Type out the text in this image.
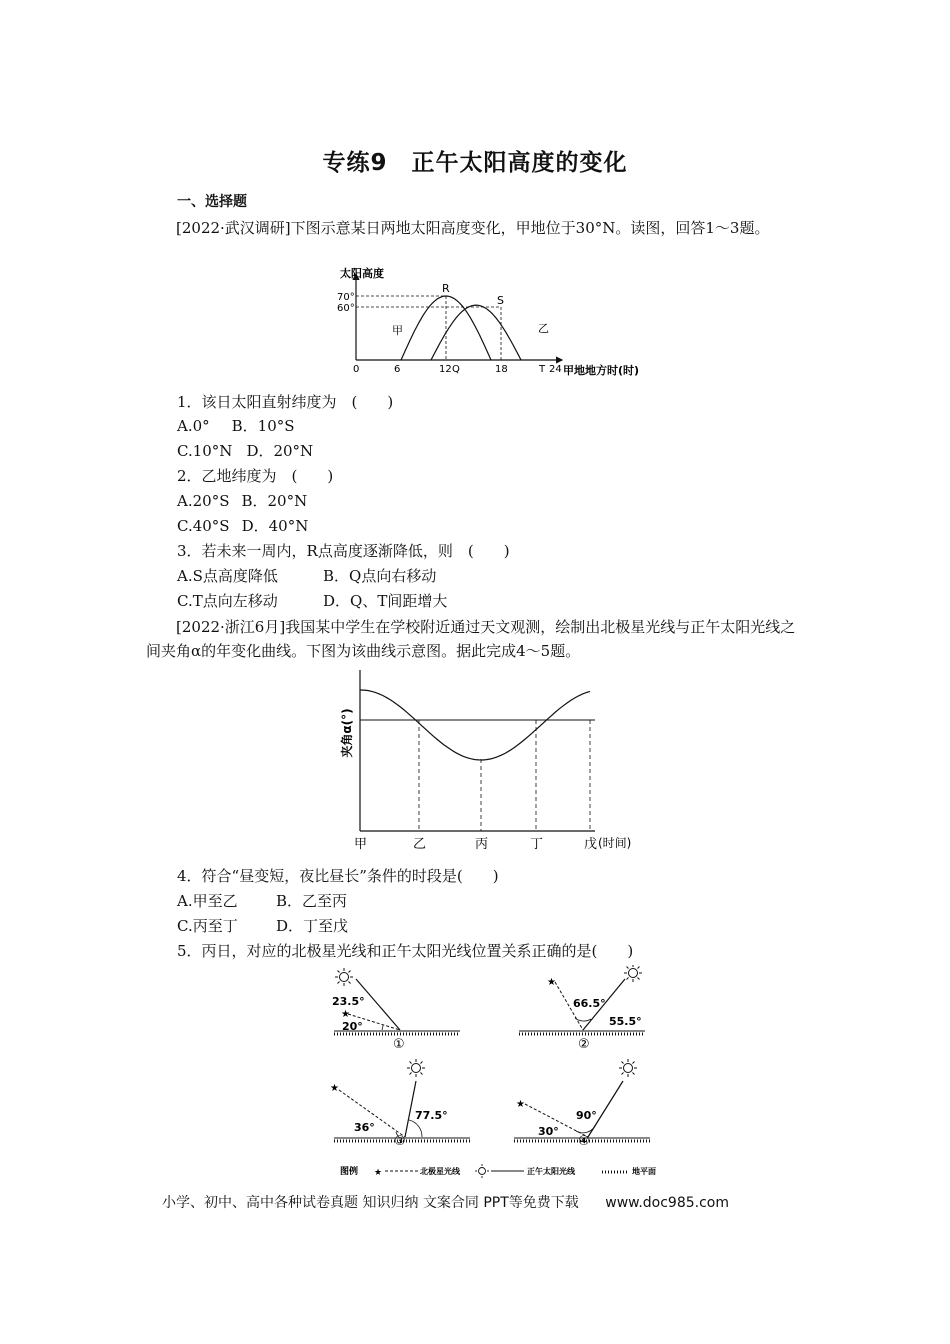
专练9　正午太阳高度的变化
一、选择题
[2022·武汉调研]下图示意某日两地太阳高度变化，甲地位于30°N。读图，回答1～3题。
太阳高度
70°
60°
R
S
甲	乙
0	6	12 Q	18	T 24 甲地地方时(时)
1．该日太阳直射纬度为　(　　)
A.0° B．10°S
C.10°N D．20°N
2．乙地纬度为　(　　)
A.20°S B．20°N
C.40°S D．40°N
3．若未来一周内，R点高度逐渐降低，则　(　　)
A.S点高度降低	B．Q点向右移动
C.T点向左移动	D．Q、T间距增大
[2022·浙江6月]我国某中学生在学校附近通过天文观测，绘制出北极星光线与正午太阳光线之间夹角α的年变化曲线。下图为该曲线示意图。据此完成4～5题。
夹角α(°)
甲	乙	丙	丁	戊 (时间)
4．符合“昼变短，夜比昼长”条件的时段是(　　)
A.甲至乙	B．乙至丙
C.丙至丁	D．丁至戊
5．丙日，对应的北极星光线和正午太阳光线位置关系正确的是(　　)
★
23.5°
20°
①
★
66.5°
55.5°
②
★
36°
77.5°
③
★
30°
90°
④
图例 ★	北极星光线	正午太阳光线	地平面
小学、初中、高中各种试卷真题 知识归纳 文案合同 PPT等免费下载 www.doc985.com
